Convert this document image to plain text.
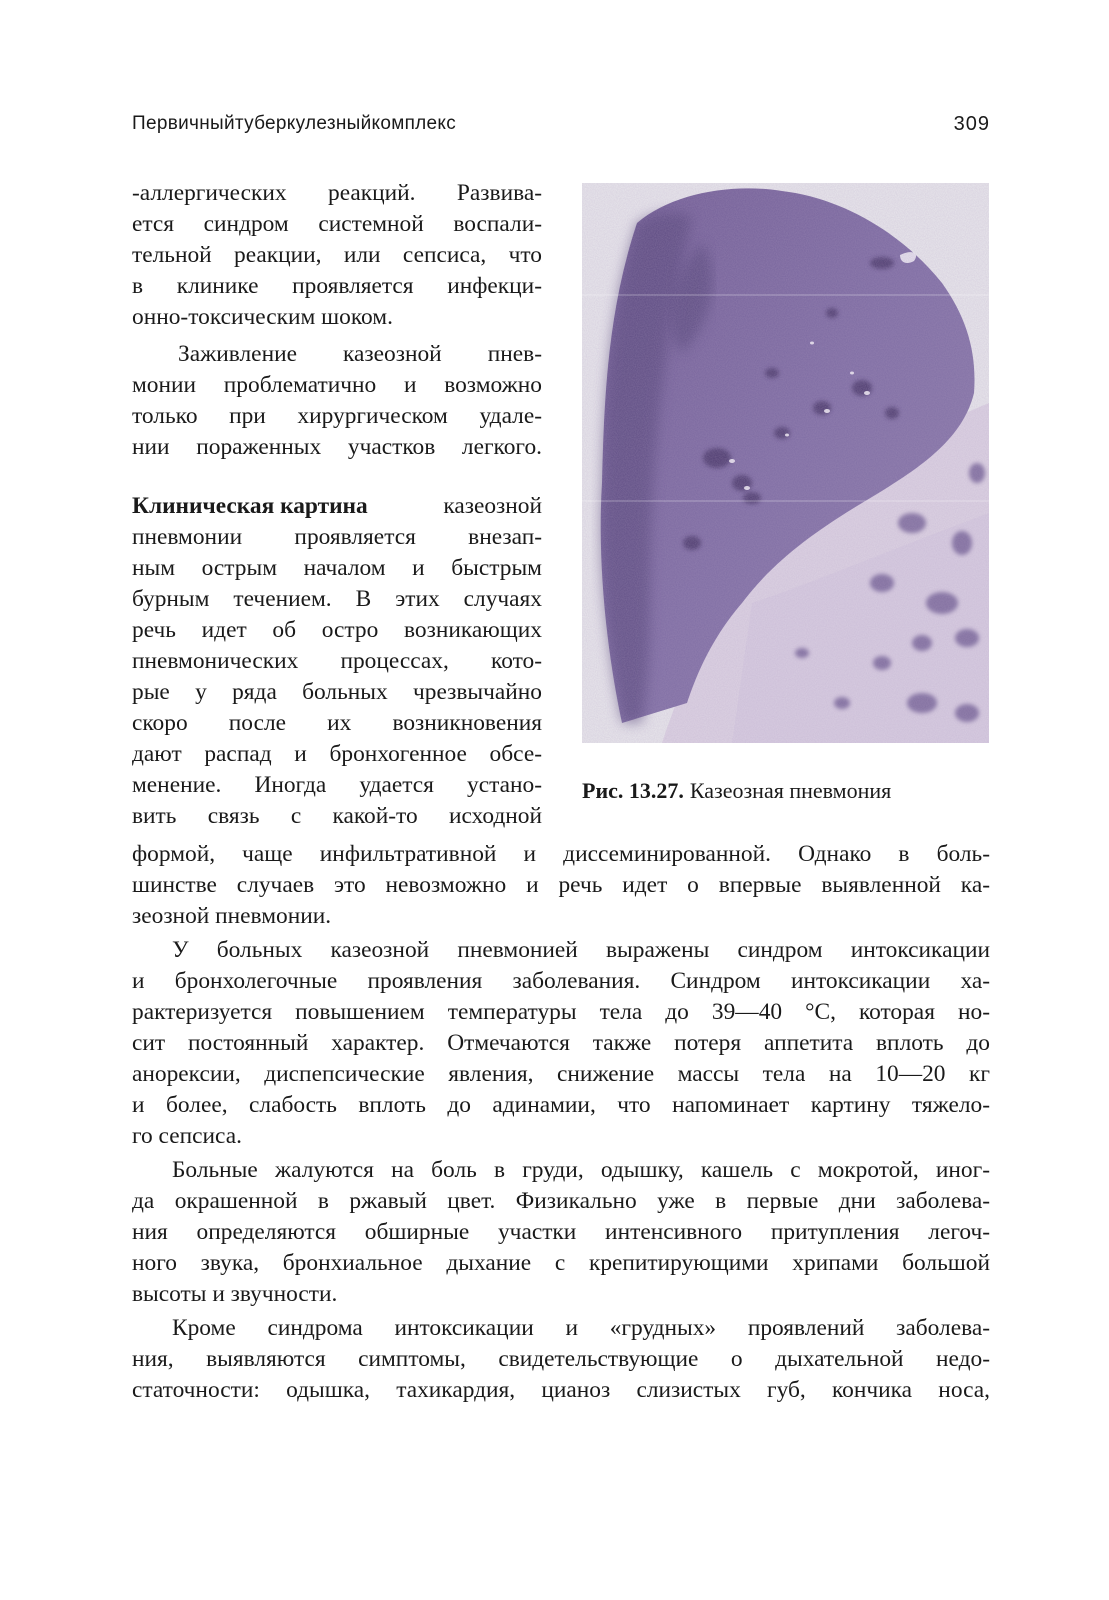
Первичныйтуберкулезныйкомплекс	309
-аллергических реакций. Развива-
ется синдром системной воспали-
тельной реакции, или сепсиса, что
в клинике проявляется инфекци-
онно-токсическим шоком.
Заживление казеозной пнев-
монии проблематично и возможно
только при хирургическом удале-
нии пораженных участков легкого.
Клиническая картина	казеозной
пневмонии проявляется внезап-
ным острым началом и быстрым
бурным течением. В этих случаях
речь идет об остро возникающих
пневмонических процессах, кото-
рые у ряда больных чрезвычайно
скоро после их возникновения
дают распад и бронхогенное обсе-
менение. Иногда удается устано-
вить связь с какой-то исходной
формой, чаще инфильтративной и диссеминированной. Однако в боль-
шинстве случаев это невозможно и речь идет о впервые выявленной ка-
зеозной пневмонии.
У больных казеозной пневмонией выражены синдром интоксикации
и бронхолегочные проявления заболевания. Синдром интоксикации ха-
рактеризуется повышением температуры тела до 39—40 °С, которая но-
сит постоянный характер. Отмечаются также потеря аппетита вплоть до
анорексии, диспепсические явления, снижение массы тела на 10—20 кг
и более, слабость вплоть до адинамии, что напоминает картину тяжело-
го сепсиса.
Больные жалуются на боль в груди, одышку, кашель с мокротой, иног-
да окрашенной в ржавый цвет. Физикально уже в первые дни заболева-
ния определяются обширные участки интенсивного притупления легоч-
ного звука, бронхиальное дыхание с крепитирующими хрипами большой
высоты и звучности.
Кроме синдрома интоксикации и «грудных» проявлений заболева-
ния, выявляются симптомы, свидетельствующие о дыхательной недо-
статочности: одышка, тахикардия, цианоз слизистых губ, кончика носа,
Рис. 13.27. Казеозная пневмония
